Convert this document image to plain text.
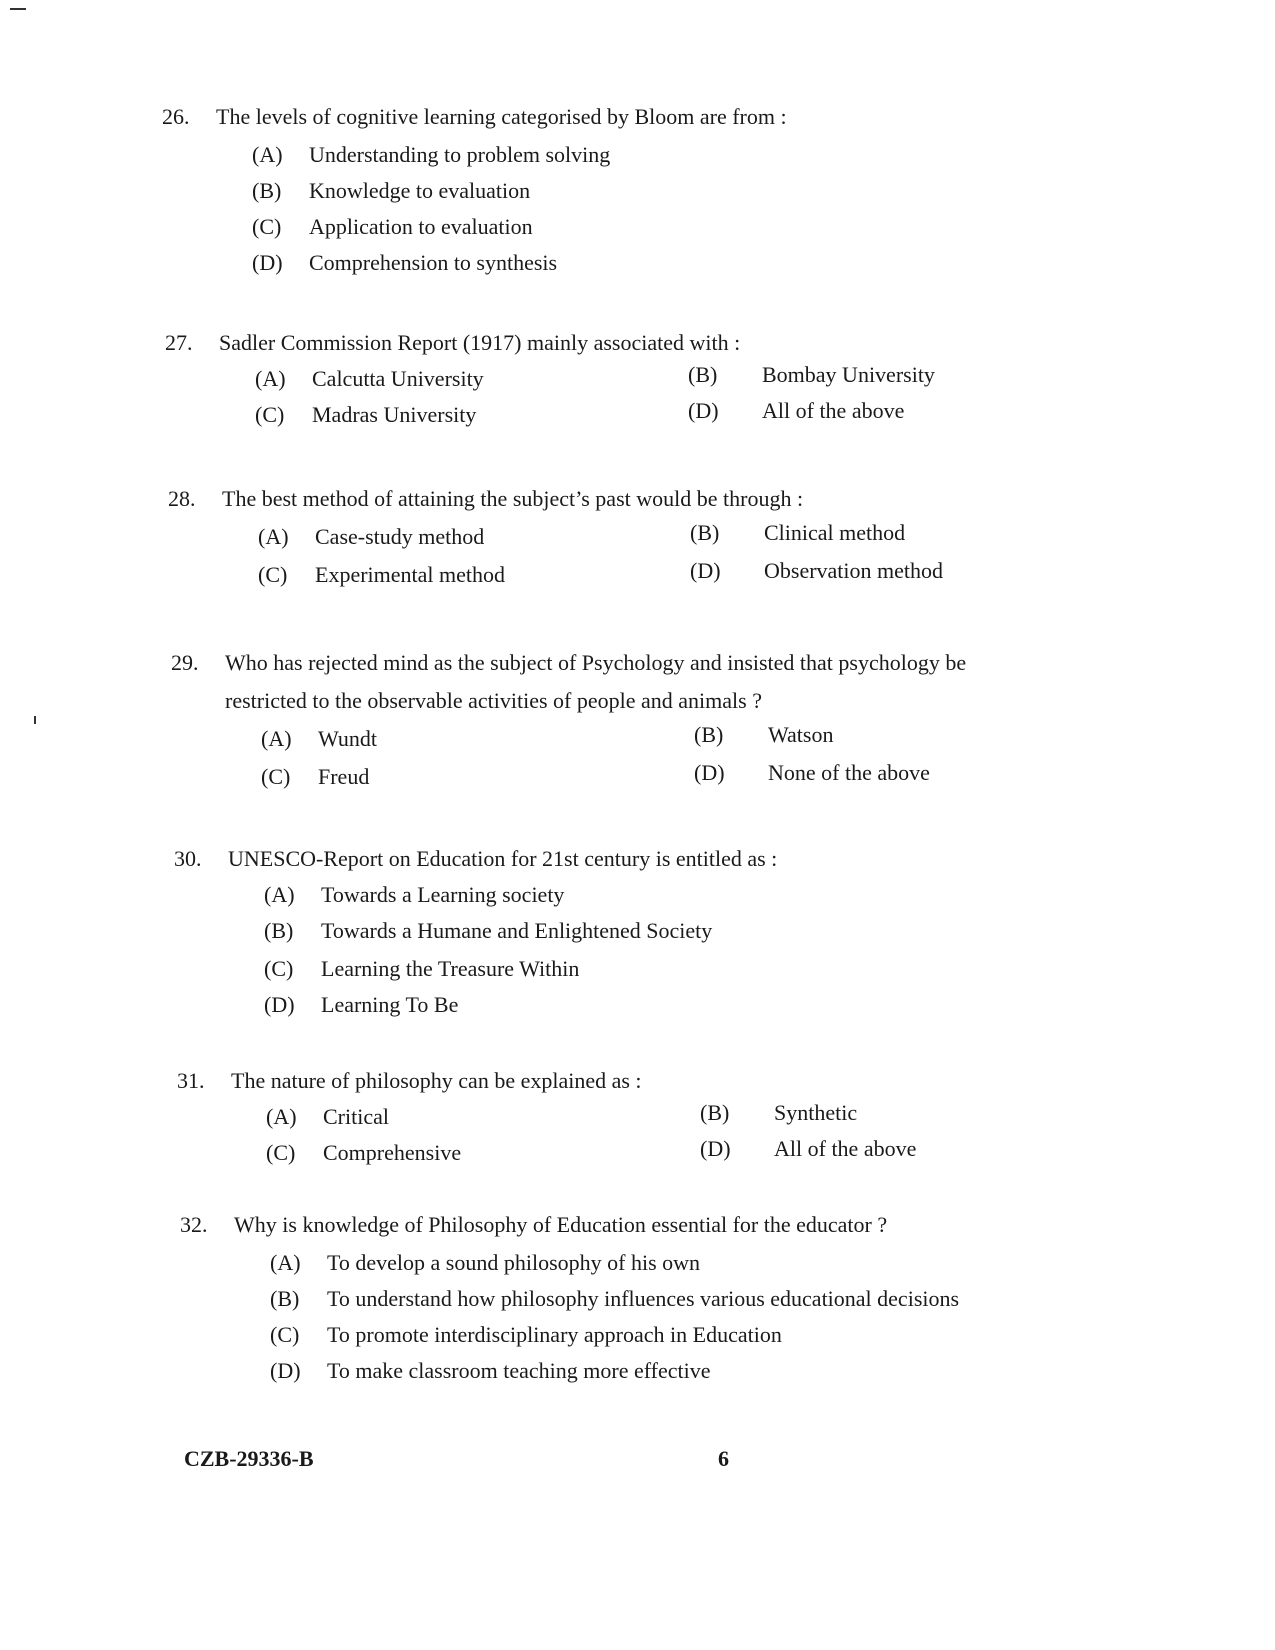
26. The levels of cognitive learning categorised by Bloom are from :
(A) Understanding to problem solving
(B) Knowledge to evaluation
(C) Application to evaluation
(D) Comprehension to synthesis
27. Sadler Commission Report (1917) mainly associated with :
(A) Calcutta University	(B) Bombay University
(C) Madras University	(D) All of the above
28. The best method of attaining the subject’s past would be through :
(A) Case-study method	(B) Clinical method
(C) Experimental method	(D) Observation method
29. Who has rejected mind as the subject of Psychology and insisted that psychology be
restricted to the observable activities of people and animals ?
(A) Wundt	(B) Watson
(C) Freud	(D) None of the above
30. UNESCO-Report on Education for 21st century is entitled as :
(A) Towards a Learning society
(B) Towards a Humane and Enlightened Society
(C) Learning the Treasure Within
(D) Learning To Be
31. The nature of philosophy can be explained as :
(A) Critical	(B) Synthetic
(C) Comprehensive	(D) All of the above
32. Why is knowledge of Philosophy of Education essential for the educator ?
(A) To develop a sound philosophy of his own
(B) To understand how philosophy influences various educational decisions
(C) To promote interdisciplinary approach in Education
(D) To make classroom teaching more effective
CZB-29336-B	6
